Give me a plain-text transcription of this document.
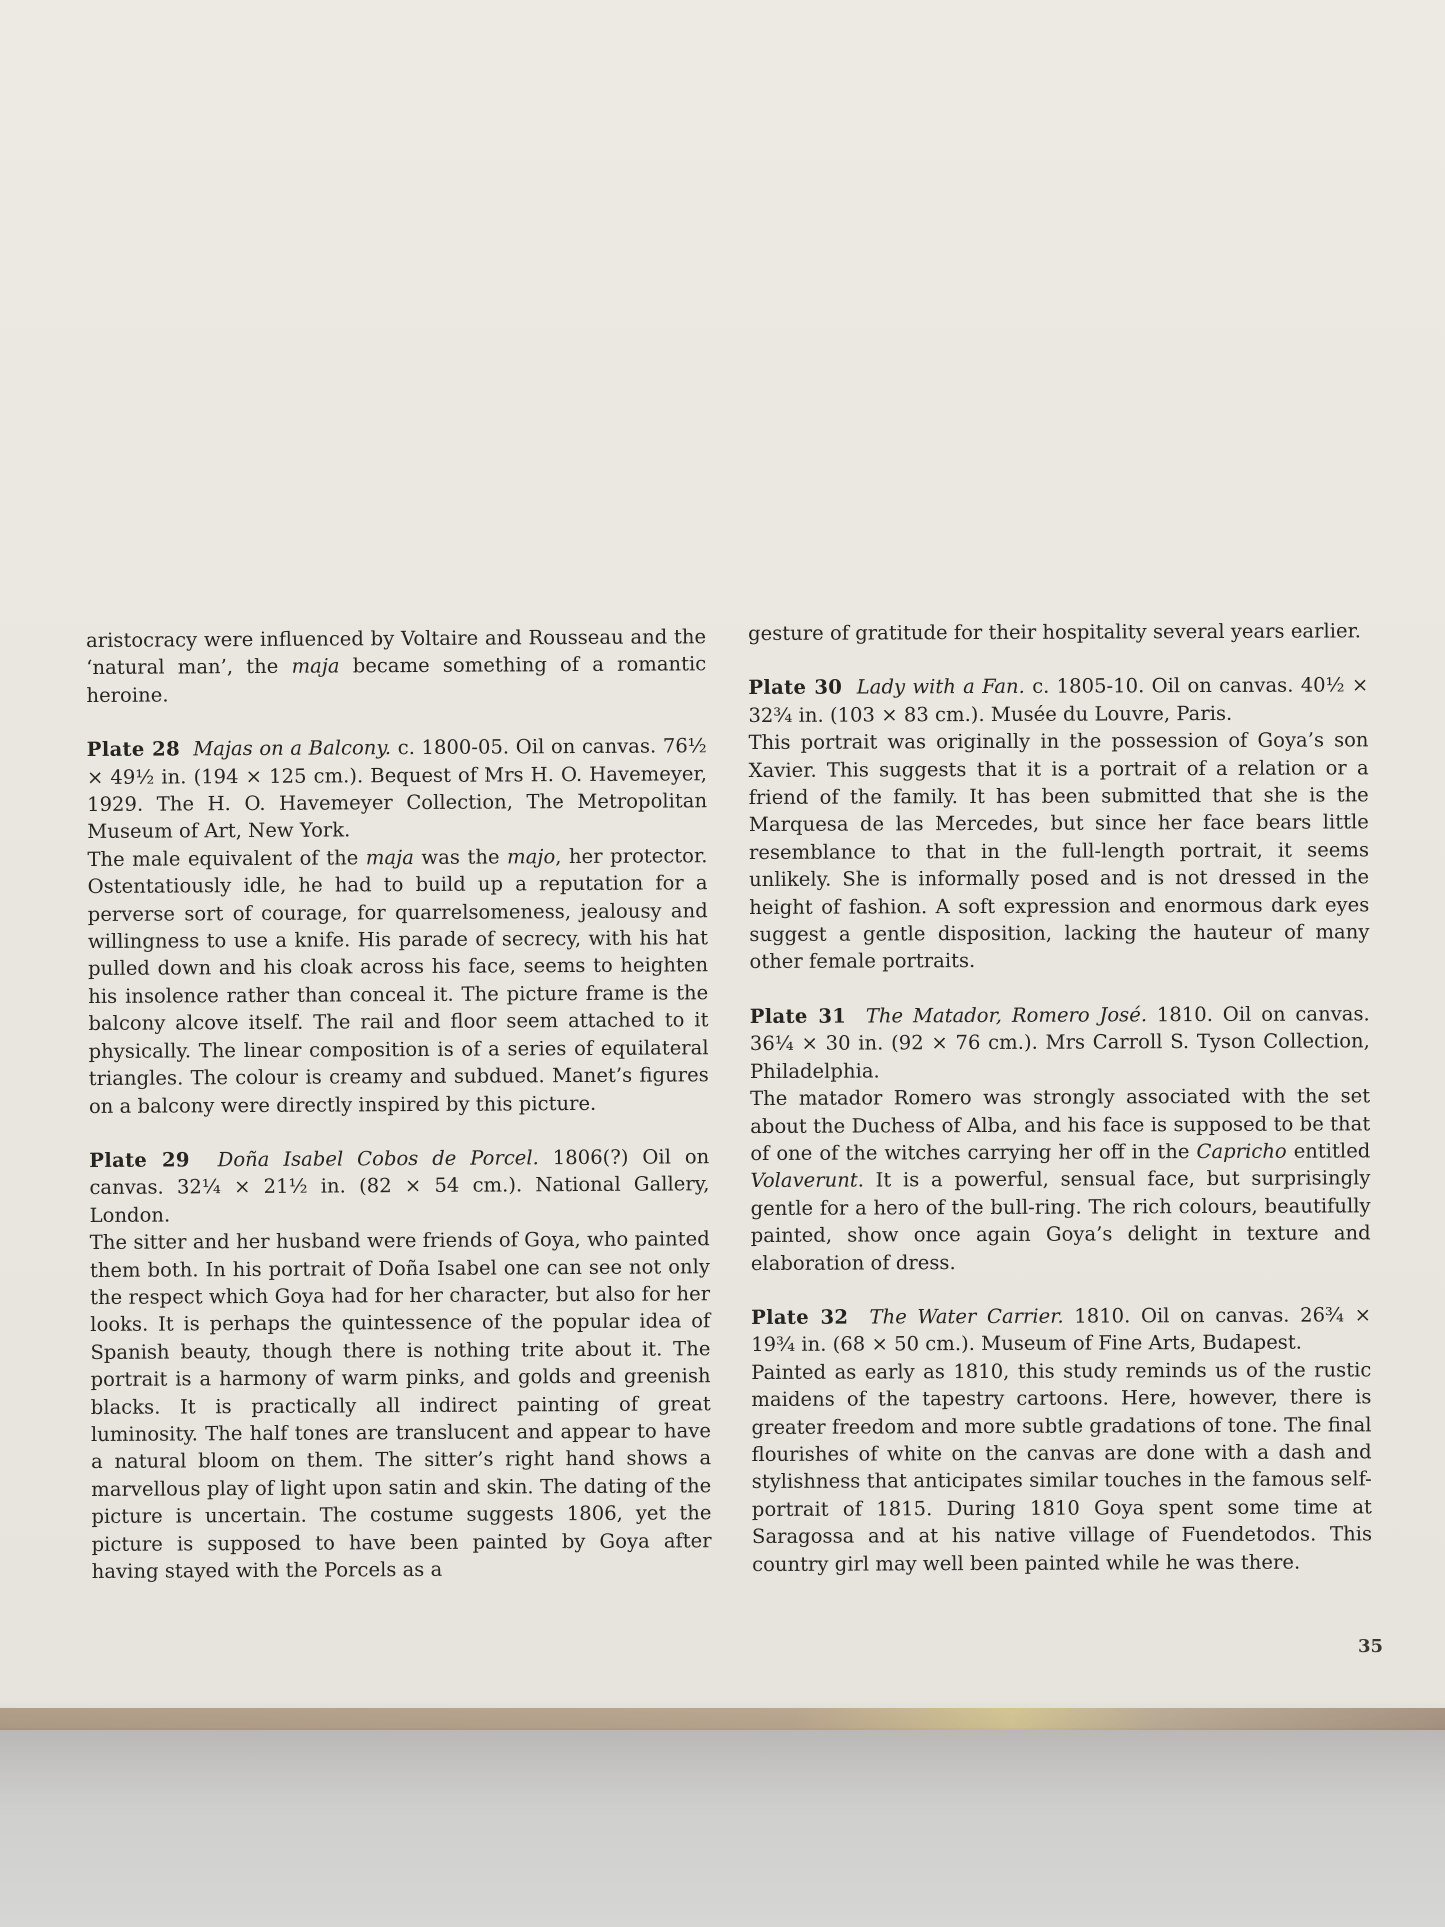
aristocracy were influenced by Voltaire and Rousseau and the ‘natural man’, the maja became something of a romantic heroine.

Plate 28 Majas on a Balcony. c. 1800-05. Oil on canvas. 76½ × 49½ in. (194 × 125 cm.). Bequest of Mrs H. O. Havemeyer, 1929. The H. O. Havemeyer Collection, The Metropolitan Museum of Art, New York.

The male equivalent of the maja was the majo, her protector. Ostentatiously idle, he had to build up a reputation for a perverse sort of courage, for quarrelsomeness, jealousy and willingness to use a knife. His parade of secrecy, with his hat pulled down and his cloak across his face, seems to heighten his insolence rather than conceal it. The picture frame is the balcony alcove itself. The rail and floor seem attached to it physically. The linear composition is of a series of equilateral triangles. The colour is creamy and subdued. Manet’s figures on a balcony were directly inspired by this picture.

Plate 29 Doña Isabel Cobos de Porcel. 1806(?) Oil on canvas. 32¼ × 21½ in. (82 × 54 cm.). National Gallery, London.

The sitter and her husband were friends of Goya, who painted them both. In his portrait of Doña Isabel one can see not only the respect which Goya had for her character, but also for her looks. It is perhaps the quintessence of the popular idea of Spanish beauty, though there is nothing trite about it. The portrait is a harmony of warm pinks, and golds and greenish blacks. It is practically all indirect painting of great luminosity. The half tones are translucent and appear to have a natural bloom on them. The sitter’s right hand shows a marvellous play of light upon satin and skin. The dating of the picture is uncertain. The costume suggests 1806, yet the picture is supposed to have been painted by Goya after having stayed with the Porcels as a

gesture of gratitude for their hospitality several years earlier.

Plate 30 Lady with a Fan. c. 1805-10. Oil on canvas. 40½ × 32¾ in. (103 × 83 cm.). Musée du Louvre, Paris.

This portrait was originally in the possession of Goya’s son Xavier. This suggests that it is a portrait of a relation or a friend of the family. It has been submitted that she is the Marquesa de las Mercedes, but since her face bears little resemblance to that in the full-length portrait, it seems unlikely. She is informally posed and is not dressed in the height of fashion. A soft expression and enormous dark eyes suggest a gentle disposition, lacking the hauteur of many other female portraits.

Plate 31 The Matador, Romero José. 1810. Oil on canvas. 36¼ × 30 in. (92 × 76 cm.). Mrs Carroll S. Tyson Collection, Philadelphia.

The matador Romero was strongly associated with the set about the Duchess of Alba, and his face is supposed to be that of one of the witches carrying her off in the Capricho entitled Volaverunt. It is a powerful, sensual face, but surprisingly gentle for a hero of the bull-ring. The rich colours, beautifully painted, show once again Goya’s delight in texture and elaboration of dress.

Plate 32 The Water Carrier. 1810. Oil on canvas. 26¾ × 19¾ in. (68 × 50 cm.). Museum of Fine Arts, Budapest.

Painted as early as 1810, this study reminds us of the rustic maidens of the tapestry cartoons. Here, however, there is greater freedom and more subtle gradations of tone. The final flourishes of white on the canvas are done with a dash and stylishness that anticipates similar touches in the famous self-portrait of 1815. During 1810 Goya spent some time at Saragossa and at his native village of Fuendetodos. This country girl may well been painted while he was there.

35
